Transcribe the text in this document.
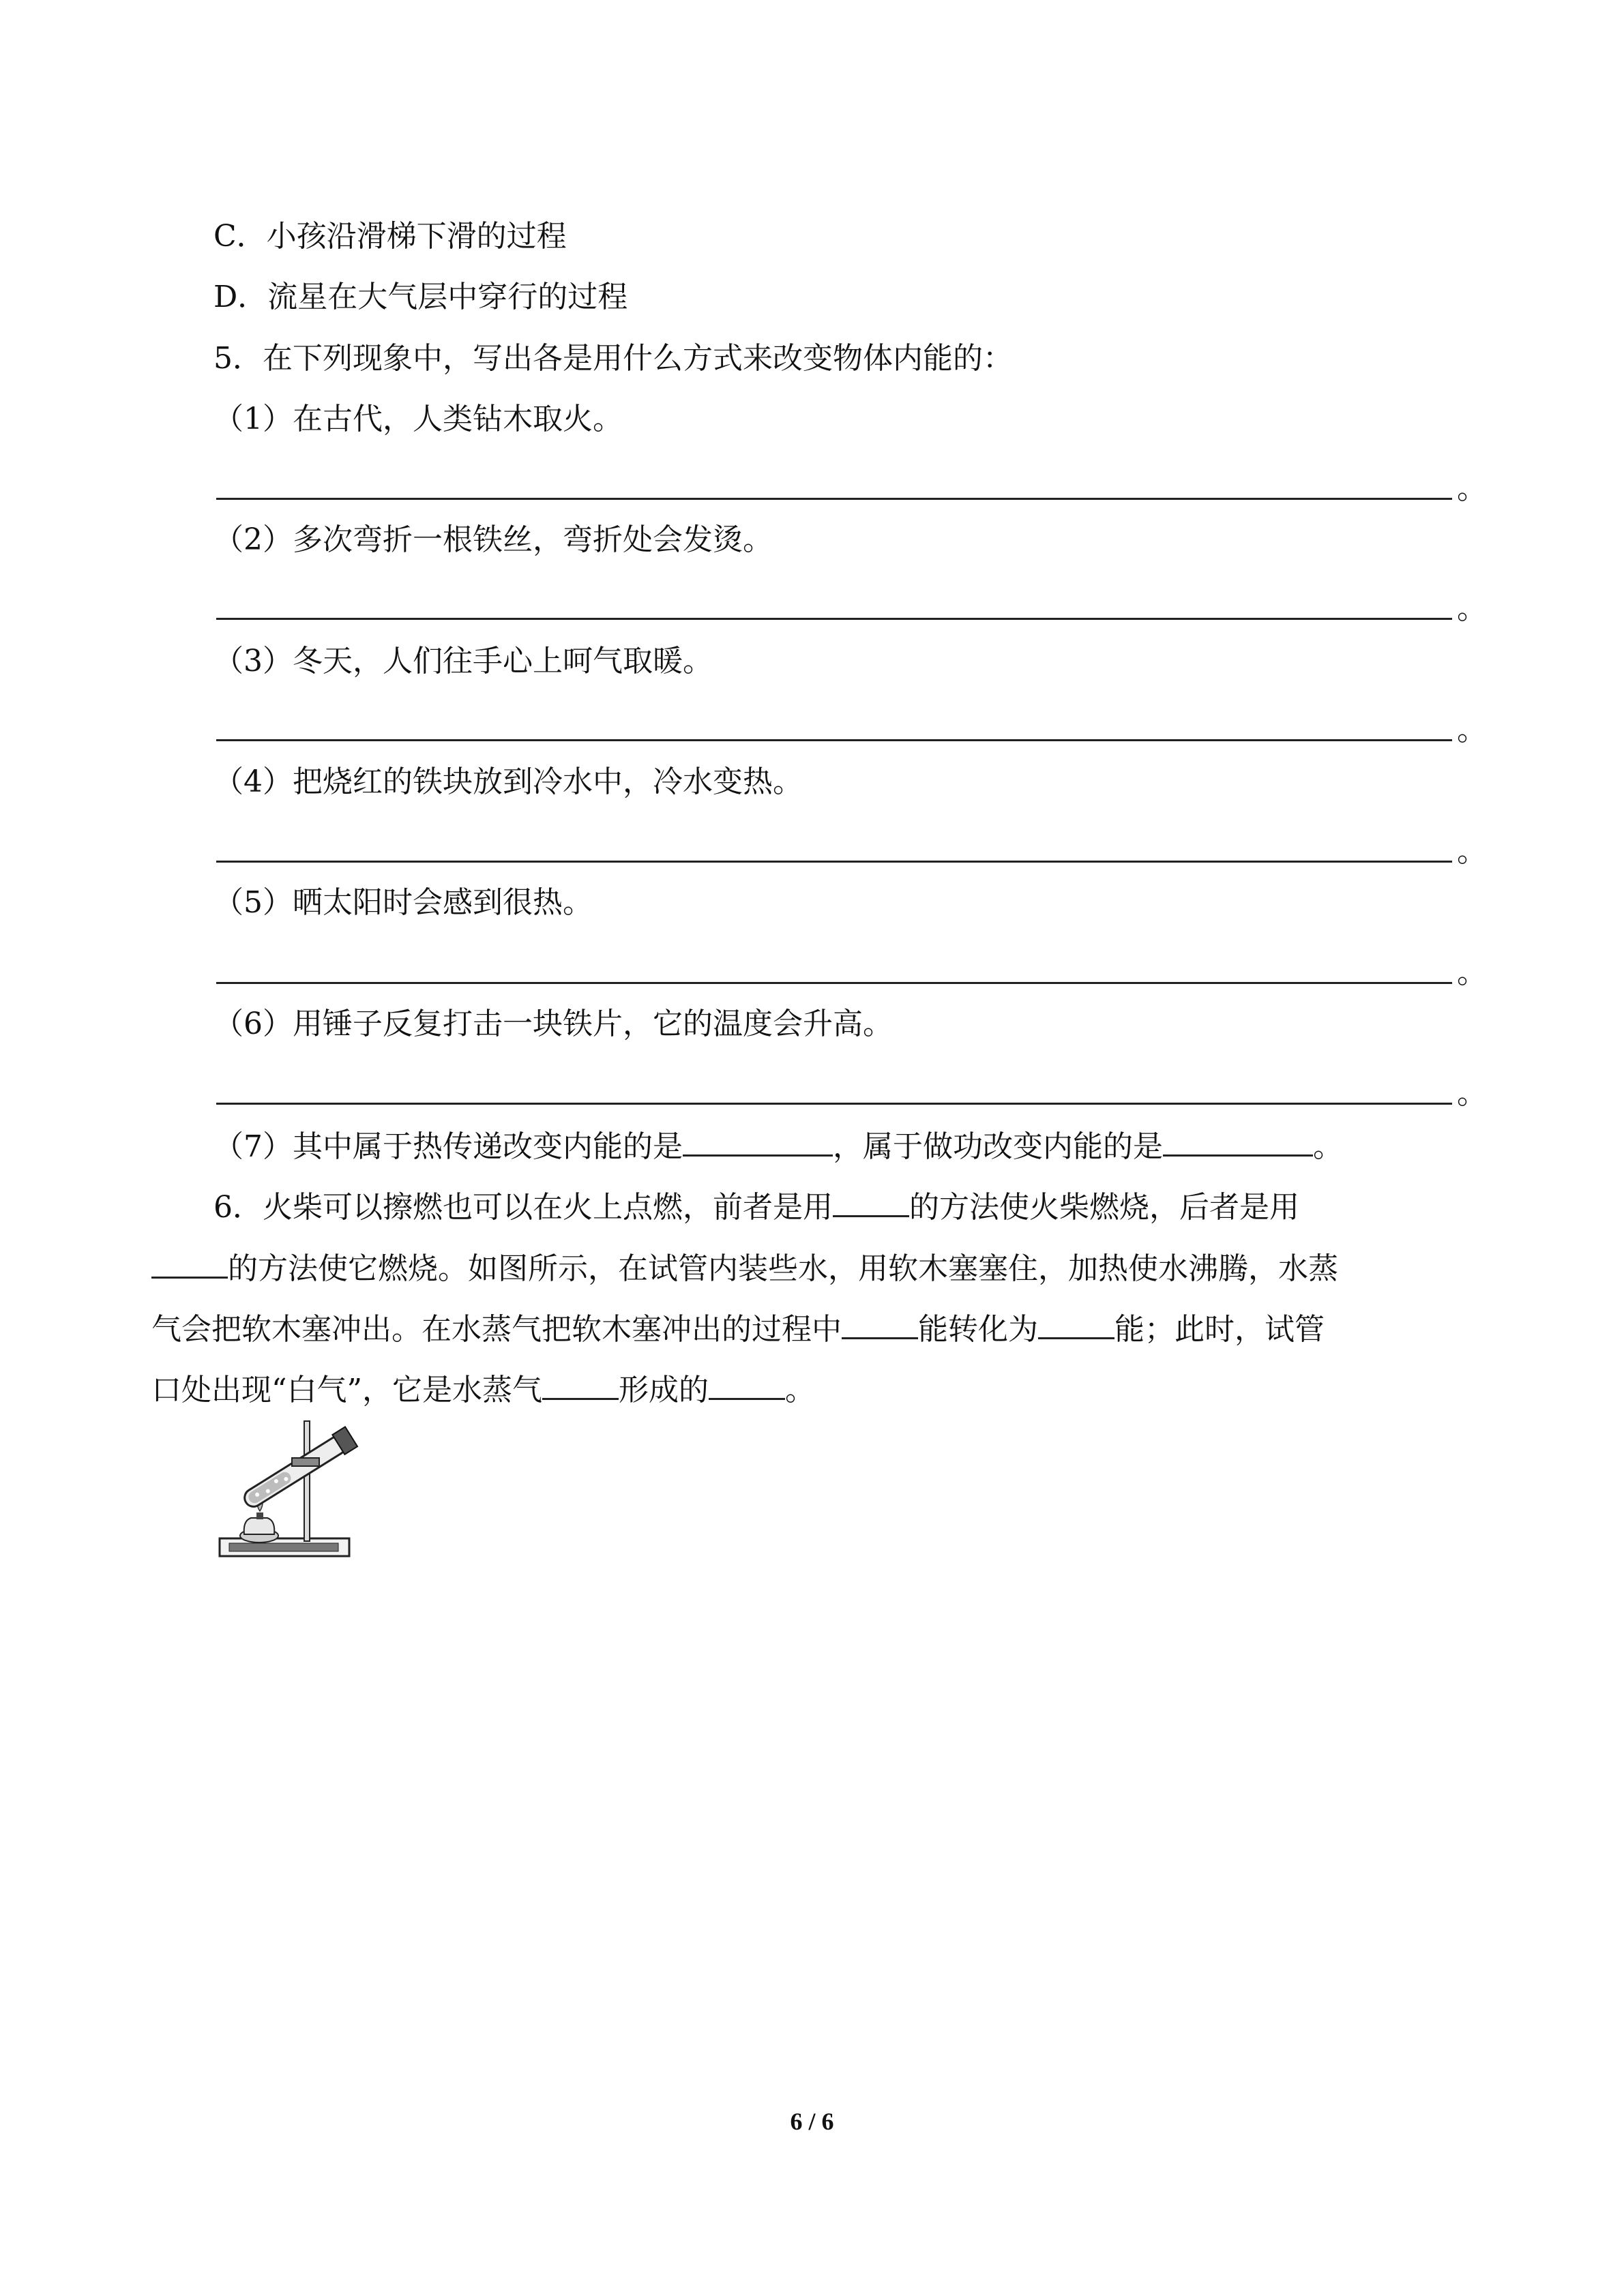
C．小孩沿滑梯下滑的过程
D．流星在大气层中穿行的过程
5．在下列现象中，写出各是用什么方式来改变物体内能的：
（1）在古代，人类钻木取火。
。
（2）多次弯折一根铁丝，弯折处会发烫。
。
（3）冬天，人们往手心上呵气取暖。
。
（4）把烧红的铁块放到冷水中，冷水变热。
。
（5）晒太阳时会感到很热。
。
（6）用锤子反复打击一块铁片，它的温度会升高。
。
（7）其中属于热传递改变内能的是	，属于做功改变内能的是	。
6．火柴可以擦燃也可以在火上点燃，前者是用	的方法使火柴燃烧，后者是用
的方法使它燃烧。如图所示，在试管内装些水，用软木塞塞住，加热使水沸腾，水蒸
气会把软木塞冲出。在水蒸气把软木塞冲出的过程中	能转化为	能；此时，试管
口处出现“白气”，它是水蒸气	形成的	。
6 / 6
